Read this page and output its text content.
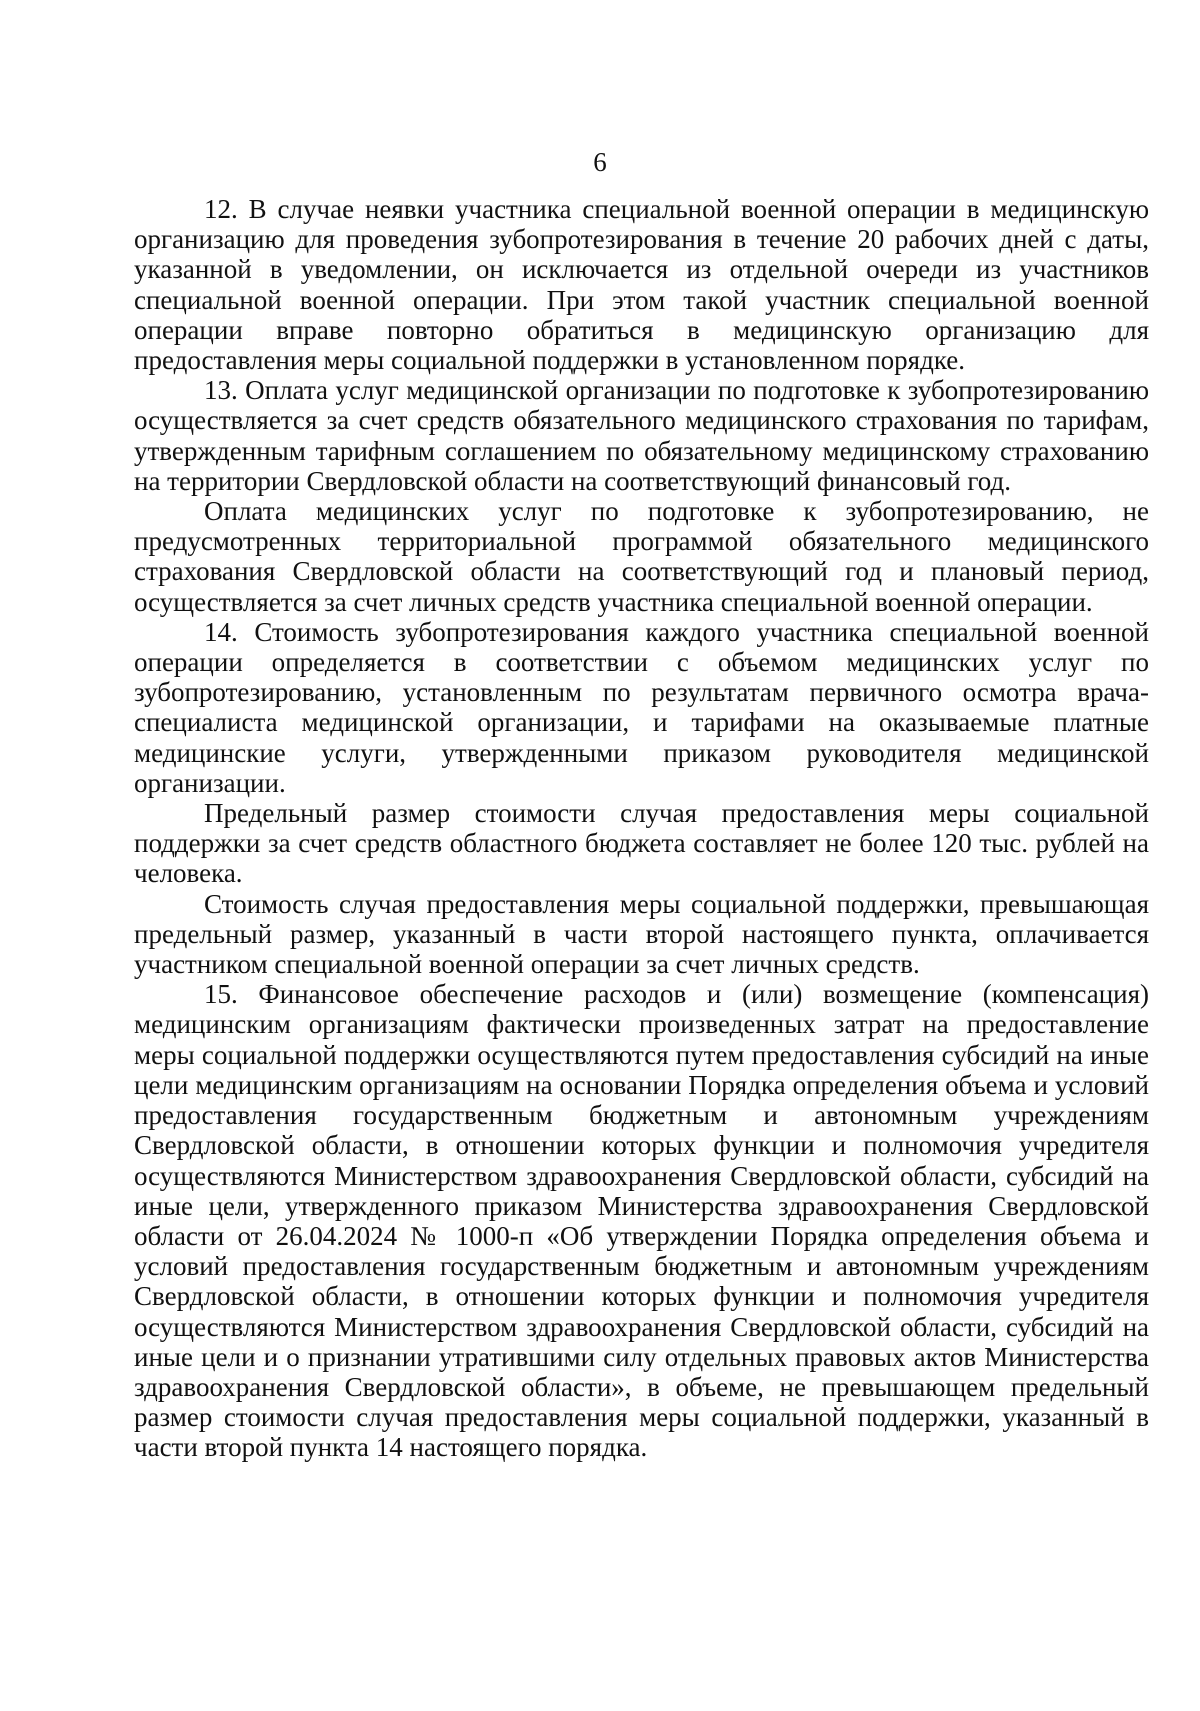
6

12. В случае неявки участника специальной военной операции в медицинскую организацию для проведения зубопротезирования в течение 20 рабочих дней с даты, указанной в уведомлении, он исключается из отдельной очереди из участников специальной военной операции. При этом такой участник специальной военной операции вправе повторно обратиться в медицинскую организацию для предоставления меры социальной поддержки в установленном порядке.

13. Оплата услуг медицинской организации по подготовке к зубопротезированию осуществляется за счет средств обязательного медицинского страхования по тарифам, утвержденным тарифным соглашением по обязательному медицинскому страхованию на территории Свердловской области на соответствующий финансовый год.

Оплата медицинских услуг по подготовке к зубопротезированию, не предусмотренных территориальной программой обязательного медицинского страхования Свердловской области на соответствующий год и плановый период, осуществляется за счет личных средств участника специальной военной операции.

14. Стоимость зубопротезирования каждого участника специальной военной операции определяется в соответствии с объемом медицинских услуг по зубопротезированию, установленным по результатам первичного осмотра врача-специалиста медицинской организации, и тарифами на оказываемые платные медицинские услуги, утвержденными приказом руководителя медицинской организации.

Предельный размер стоимости случая предоставления меры социальной поддержки за счет средств областного бюджета составляет не более 120 тыс. рублей на человека.

Стоимость случая предоставления меры социальной поддержки, превышающая предельный размер, указанный в части второй настоящего пункта, оплачивается участником специальной военной операции за счет личных средств.

15. Финансовое обеспечение расходов и (или) возмещение (компенсация) медицинским организациям фактически произведенных затрат на предоставление меры социальной поддержки осуществляются путем предоставления субсидий на иные цели медицинским организациям на основании Порядка определения объема и условий предоставления государственным бюджетным и автономным учреждениям Свердловской области, в отношении которых функции и полномочия учредителя осуществляются Министерством здравоохранения Свердловской области, субсидий на иные цели, утвержденного приказом Министерства здравоохранения Свердловской области от 26.04.2024 № 1000-п «Об утверждении Порядка определения объема и условий предоставления государственным бюджетным и автономным учреждениям Свердловской области, в отношении которых функции и полномочия учредителя осуществляются Министерством здравоохранения Свердловской области, субсидий на иные цели и о признании утратившими силу отдельных правовых актов Министерства здравоохранения Свердловской области», в объеме, не превышающем предельный размер стоимости случая предоставления меры социальной поддержки, указанный в части второй пункта 14 настоящего порядка.
